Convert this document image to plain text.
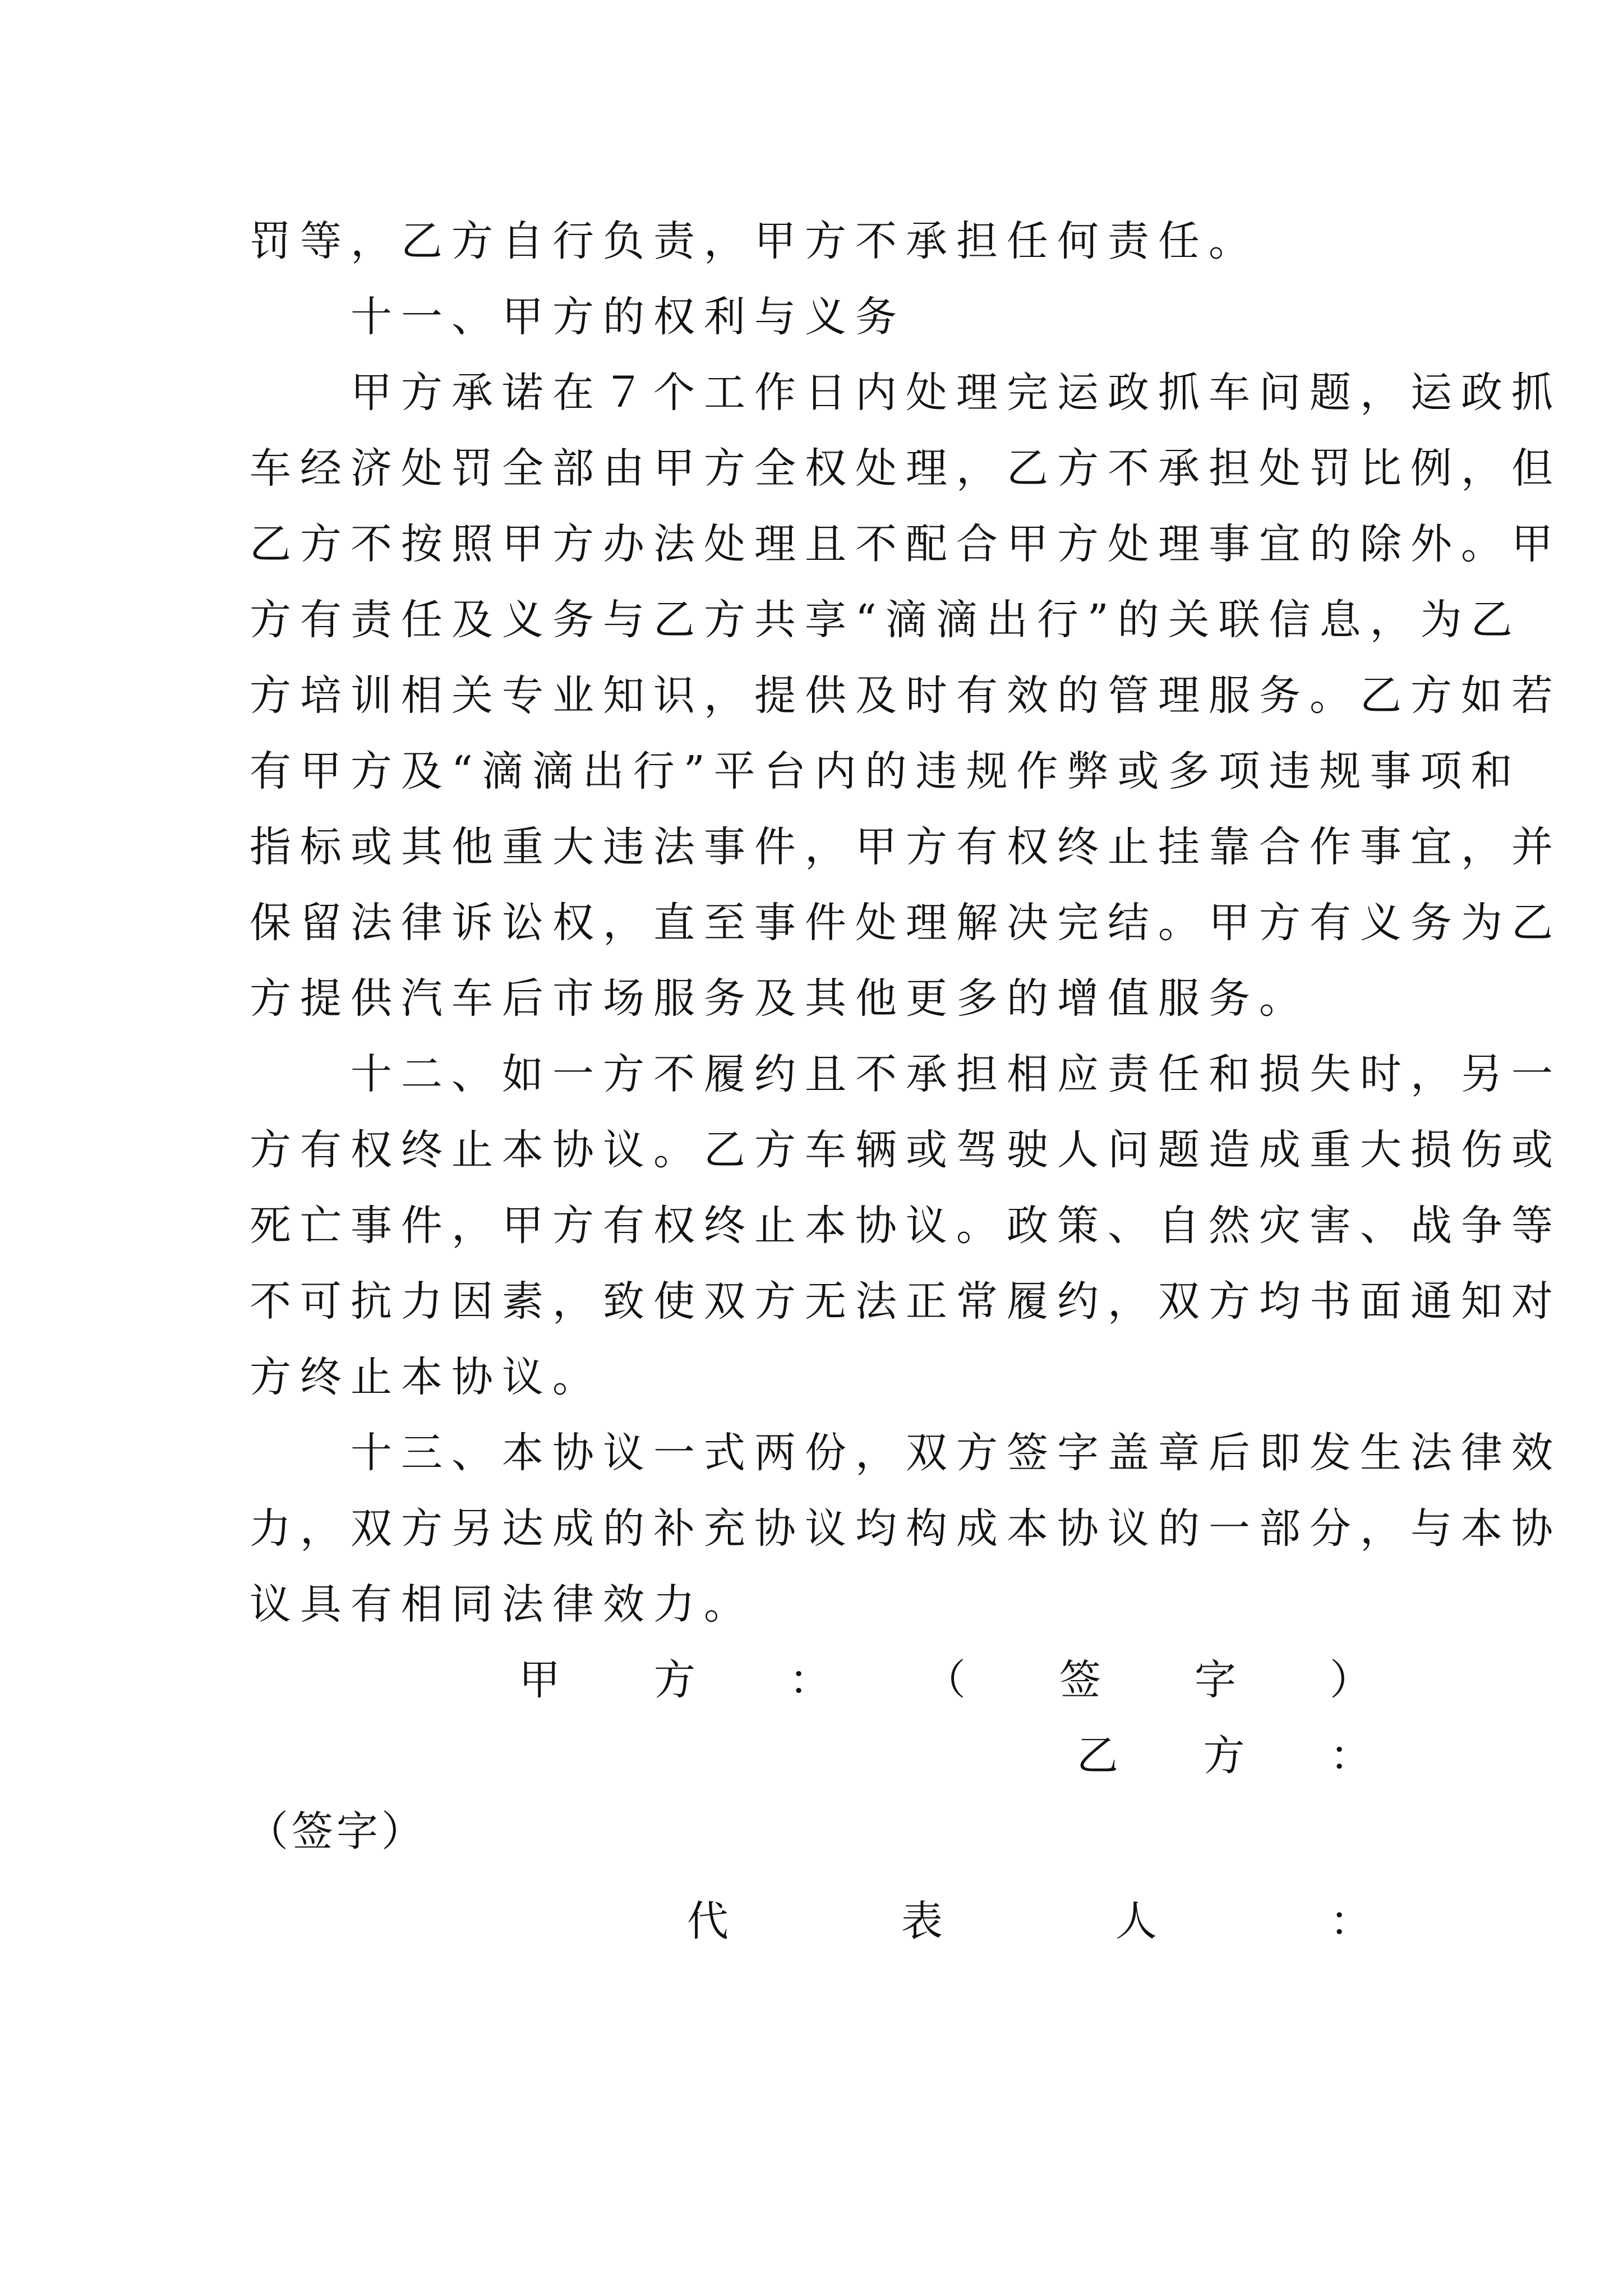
罚等，乙方自行负责，甲方不承担任何责任。
　　十一、甲方的权利与义务
　　甲方承诺在７个工作日内处理完运政抓车问题，运政抓
车经济处罚全部由甲方全权处理，乙方不承担处罚比例，但
乙方不按照甲方办法处理且不配合甲方处理事宜的除外。甲
方有责任及义务与乙方共享“滴滴出行”的关联信息，为乙
方培训相关专业知识，提供及时有效的管理服务。乙方如若
有甲方及“滴滴出行”平台内的违规作弊或多项违规事项和
指标或其他重大违法事件，甲方有权终止挂靠合作事宜，并
保留法律诉讼权，直至事件处理解决完结。甲方有义务为乙
方提供汽车后市场服务及其他更多的增值服务。
　　十二、如一方不履约且不承担相应责任和损失时，另一
方有权终止本协议。乙方车辆或驾驶人问题造成重大损伤或
死亡事件，甲方有权终止本协议。政策、自然灾害、战争等
不可抗力因素，致使双方无法正常履约，双方均书面通知对
方终止本协议。
　　十三、本协议一式两份，双方签字盖章后即发生法律效
力，双方另达成的补充协议均构成本协议的一部分，与本协
议具有相同法律效力。
甲 方 ： （ 签 字 ）
乙 方 ：
（签字）
代	表	人	：
